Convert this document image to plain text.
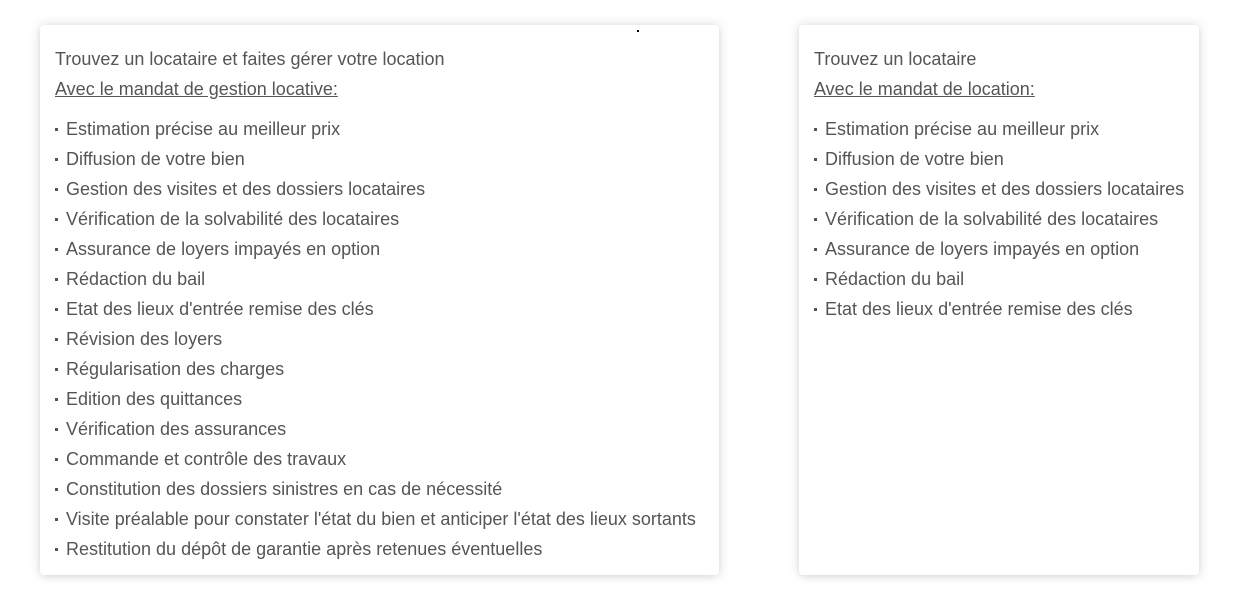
Trouvez un locataire et faites gérer votre location

Avec le mandat de gestion locative:

Estimation précise au meilleur prix
Diffusion de votre bien
Gestion des visites et des dossiers locataires
Vérification de la solvabilité des locataires
Assurance de loyers impayés en option
Rédaction du bail
Etat des lieux d'entrée remise des clés
Révision des loyers
Régularisation des charges
Edition des quittances
Vérification des assurances
Commande et contrôle des travaux
Constitution des dossiers sinistres en cas de nécessité
Visite préalable pour constater l'état du bien et anticiper l'état des lieux sortants
Restitution du dépôt de garantie après retenues éventuelles

Trouvez un locataire

Avec le mandat de location:

Estimation précise au meilleur prix
Diffusion de votre bien
Gestion des visites et des dossiers locataires
Vérification de la solvabilité des locataires
Assurance de loyers impayés en option
Rédaction du bail
Etat des lieux d'entrée remise des clés
